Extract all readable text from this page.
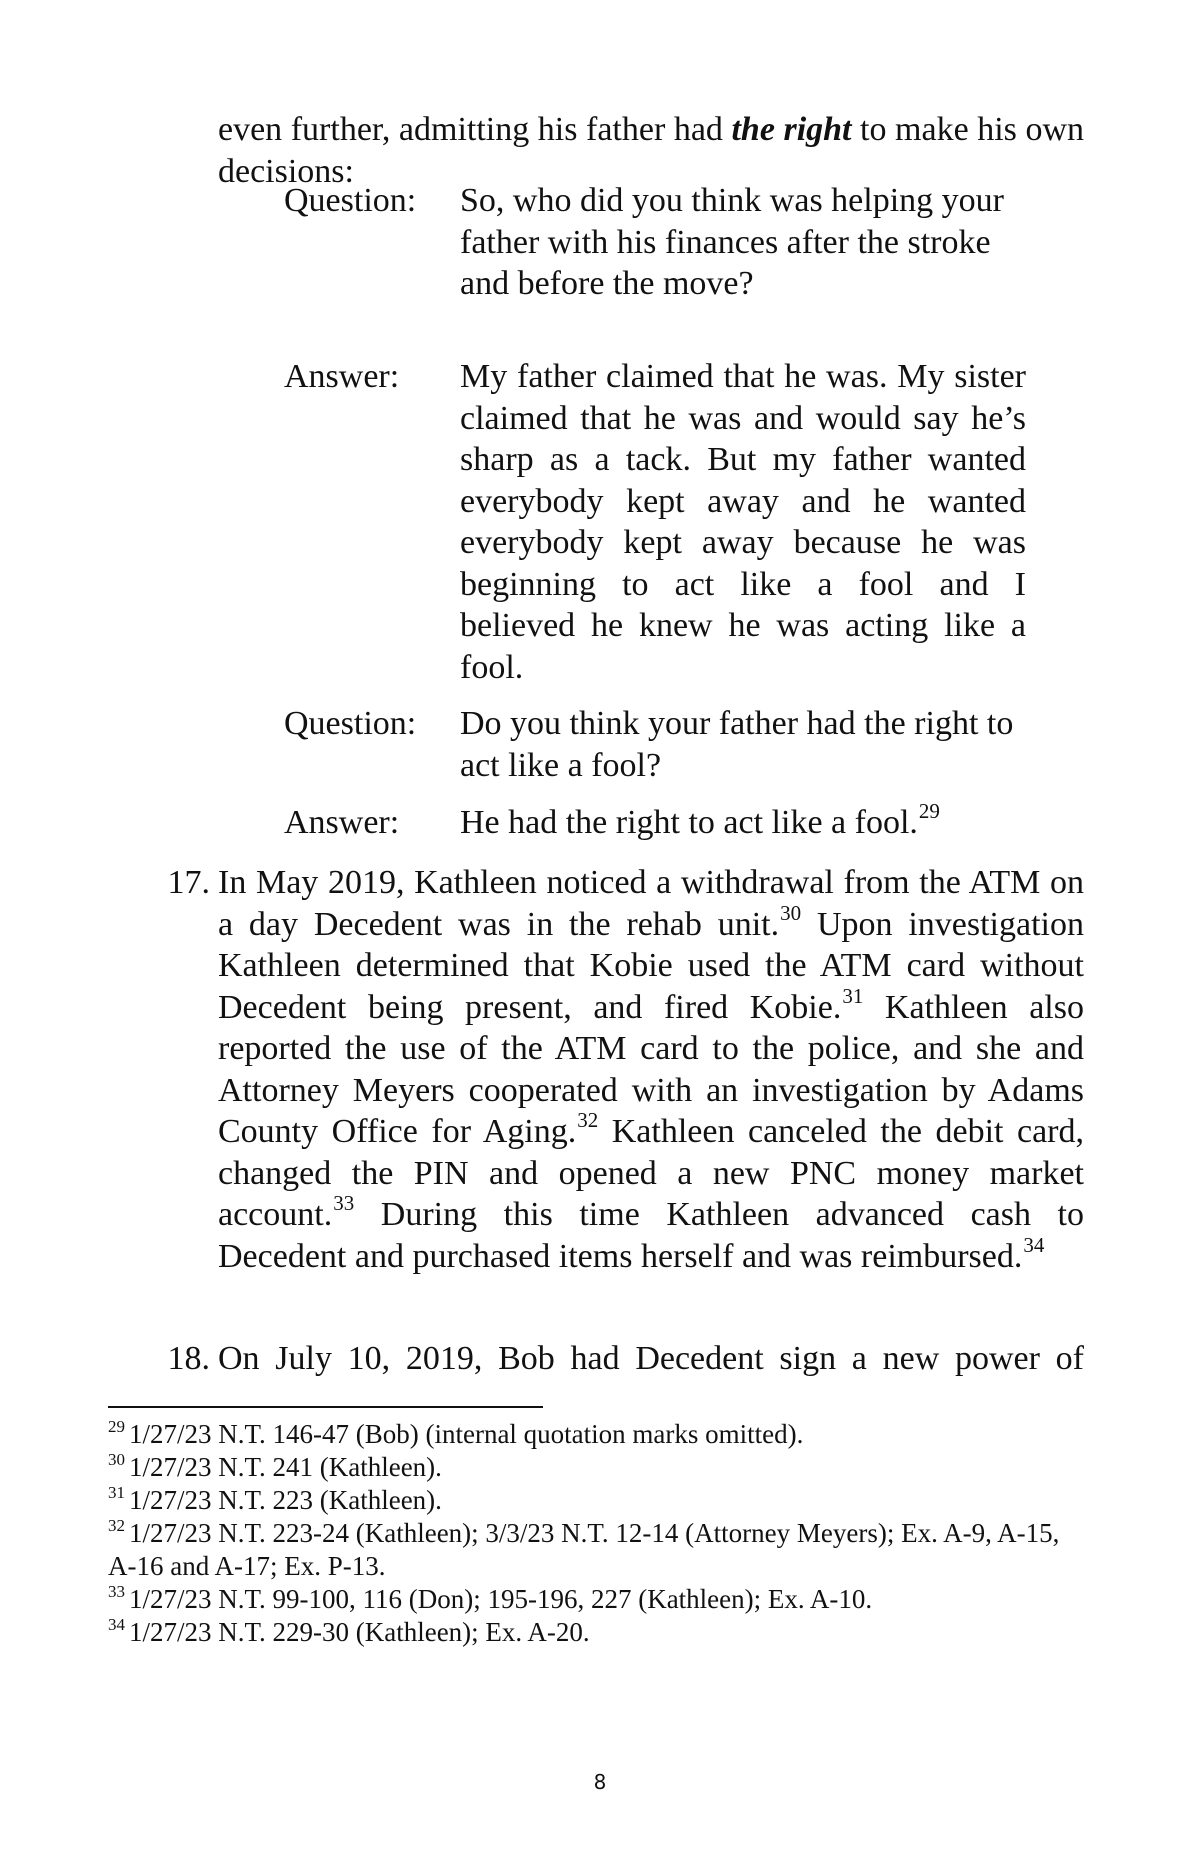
even further, admitting his father had the right to make his own decisions:
Question:	So, who did you think was helping your father with his finances after the stroke and before the move?
Answer:	My father claimed that he was. My sister claimed that he was and would say he’s sharp as a tack. But my father wanted everybody kept away and he wanted everybody kept away because he was beginning to act like a fool and I believed he knew he was acting like a fool.
Question:	Do you think your father had the right to act like a fool?
Answer:	He had the right to act like a fool.$^{29}$
17. In May 2019, Kathleen noticed a withdrawal from the ATM on a day Decedent was in the rehab unit.$^{30}$ Upon investigation Kathleen determined that Kobie used the ATM card without Decedent being present, and fired Kobie.$^{31}$ Kathleen also reported the use of the ATM card to the police, and she and Attorney Meyers cooperated with an investigation by Adams County Office for Aging.$^{32}$ Kathleen canceled the debit card, changed the PIN and opened a new PNC money market account.$^{33}$ During this time Kathleen advanced cash to Decedent and purchased items herself and was reimbursed.$^{34}$
18. On July 10, 2019, Bob had Decedent sign a new power of

$^{29}$ 1/27/23 N.T. 146-47 (Bob) (internal quotation marks omitted).

$^{30}$ 1/27/23 N.T. 241 (Kathleen).

$^{31}$ 1/27/23 N.T. 223 (Kathleen).

$^{32}$ 1/27/23 N.T. 223-24 (Kathleen); 3/3/23 N.T. 12-14 (Attorney Meyers); Ex. A-9, A-15, A-16 and A-17; Ex. P-13.

$^{33}$ 1/27/23 N.T. 99-100, 116 (Don); 195-196, 227 (Kathleen); Ex. A-10.

$^{34}$ 1/27/23 N.T. 229-30 (Kathleen); Ex. A-20.

8
